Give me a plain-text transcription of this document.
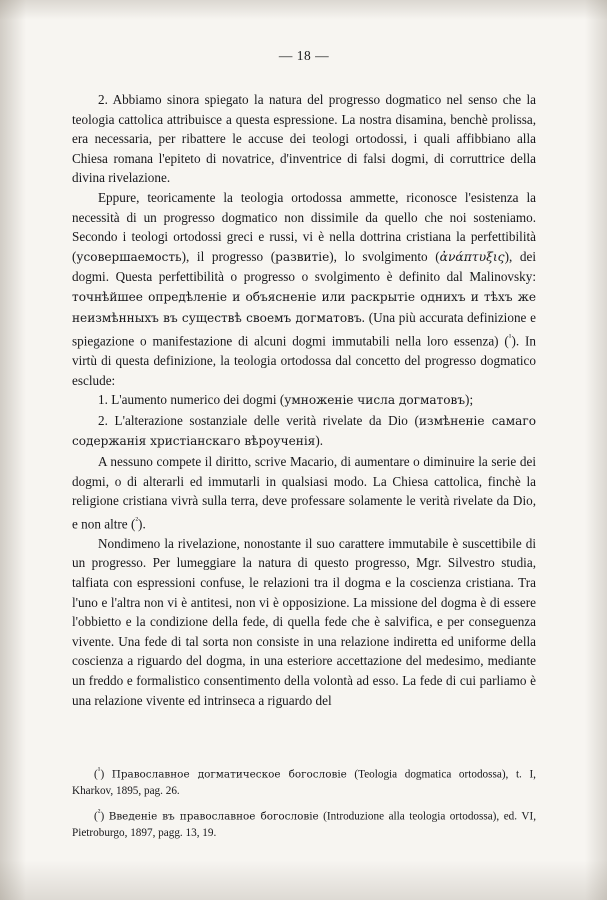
— 18 —

2. Abbiamo sinora spiegato la natura del progresso dogmatico nel senso che la teologia cattolica attribuisce a questa espressione. La nostra disamina, benchè prolissa, era necessaria, per ribattere le accuse dei teologi ortodossi, i quali affibbiano alla Chiesa romana l'epiteto di novatrice, d'inventrice di falsi dogmi, di corruttrice della divina rivelazione.

Eppure, teoricamente la teologia ortodossa ammette, riconosce l'esistenza la necessità di un progresso dogmatico non dissimile da quello che noi sosteniamo. Secondo i teologi ortodossi greci e russi, vi è nella dottrina cristiana la perfettibilità (усовершаемость), il progresso (развитie), lo svolgimento (ἀνάπτυξις), dei dogmi. Questa perfettibilità o progresso o svolgimento è definito dal Malinovsky: точнѣйшее опредѣленie и объясненie или раскрытie однихъ и тѣхъ же неизмѣнныхъ въ существѣ своемъ догматовъ. (Una più accurata definizione e spiegazione o manifestazione di alcuni dogmi immutabili nella loro essenza) ($^{^1}$). In virtù di questa definizione, la teologia ortodossa dal concetto del progresso dogmatico esclude:

1. L'aumento numerico dei dogmi (умноженie числа догматовъ);

2. L'alterazione sostanziale delle verità rivelate da Dio (измѣненie самаго содержанiя христiанскаго вѣроученiя).

A nessuno compete il diritto, scrive Macario, di aumentare o diminuire la serie dei dogmi, o di alterarli ed immutarli in qualsiasi modo. La Chiesa cattolica, finchè la religione cristiana vivrà sulla terra, deve professare solamente le verità rivelate da Dio, e non altre ($^{^2}$).

Nondimeno la rivelazione, nonostante il suo carattere immutabile è suscettibile di un progresso. Per lumeggiare la natura di questo progresso, Mgr. Silvestro studia, talfiata con espressioni confuse, le relazioni tra il dogma e la coscienza cristiana. Tra l'uno e l'altra non vi è antitesi, non vi è opposizione. La missione del dogma è di essere l'obbietto e la condizione della fede, di quella fede che è salvifica, e per conseguenza vivente. Una fede di tal sorta non consiste in una relazione indiretta ed uniforme della coscienza a riguardo del dogma, in una esteriore accettazione del medesimo, mediante un freddo e formalistico consentimento della volontà ad esso. La fede di cui parliamo è una relazione vivente ed intrinseca a riguardo del

($^{^1}$) Православное догматическое богословiе (Teologia dogmatica ortodossa), t. I, Kharkov, 1895, pag. 26.

($^{^2}$) Введенie въ православное богословiе (Introduzione alla teologia ortodossa), ed. VI, Pietroburgo, 1897, pagg. 13, 19.
